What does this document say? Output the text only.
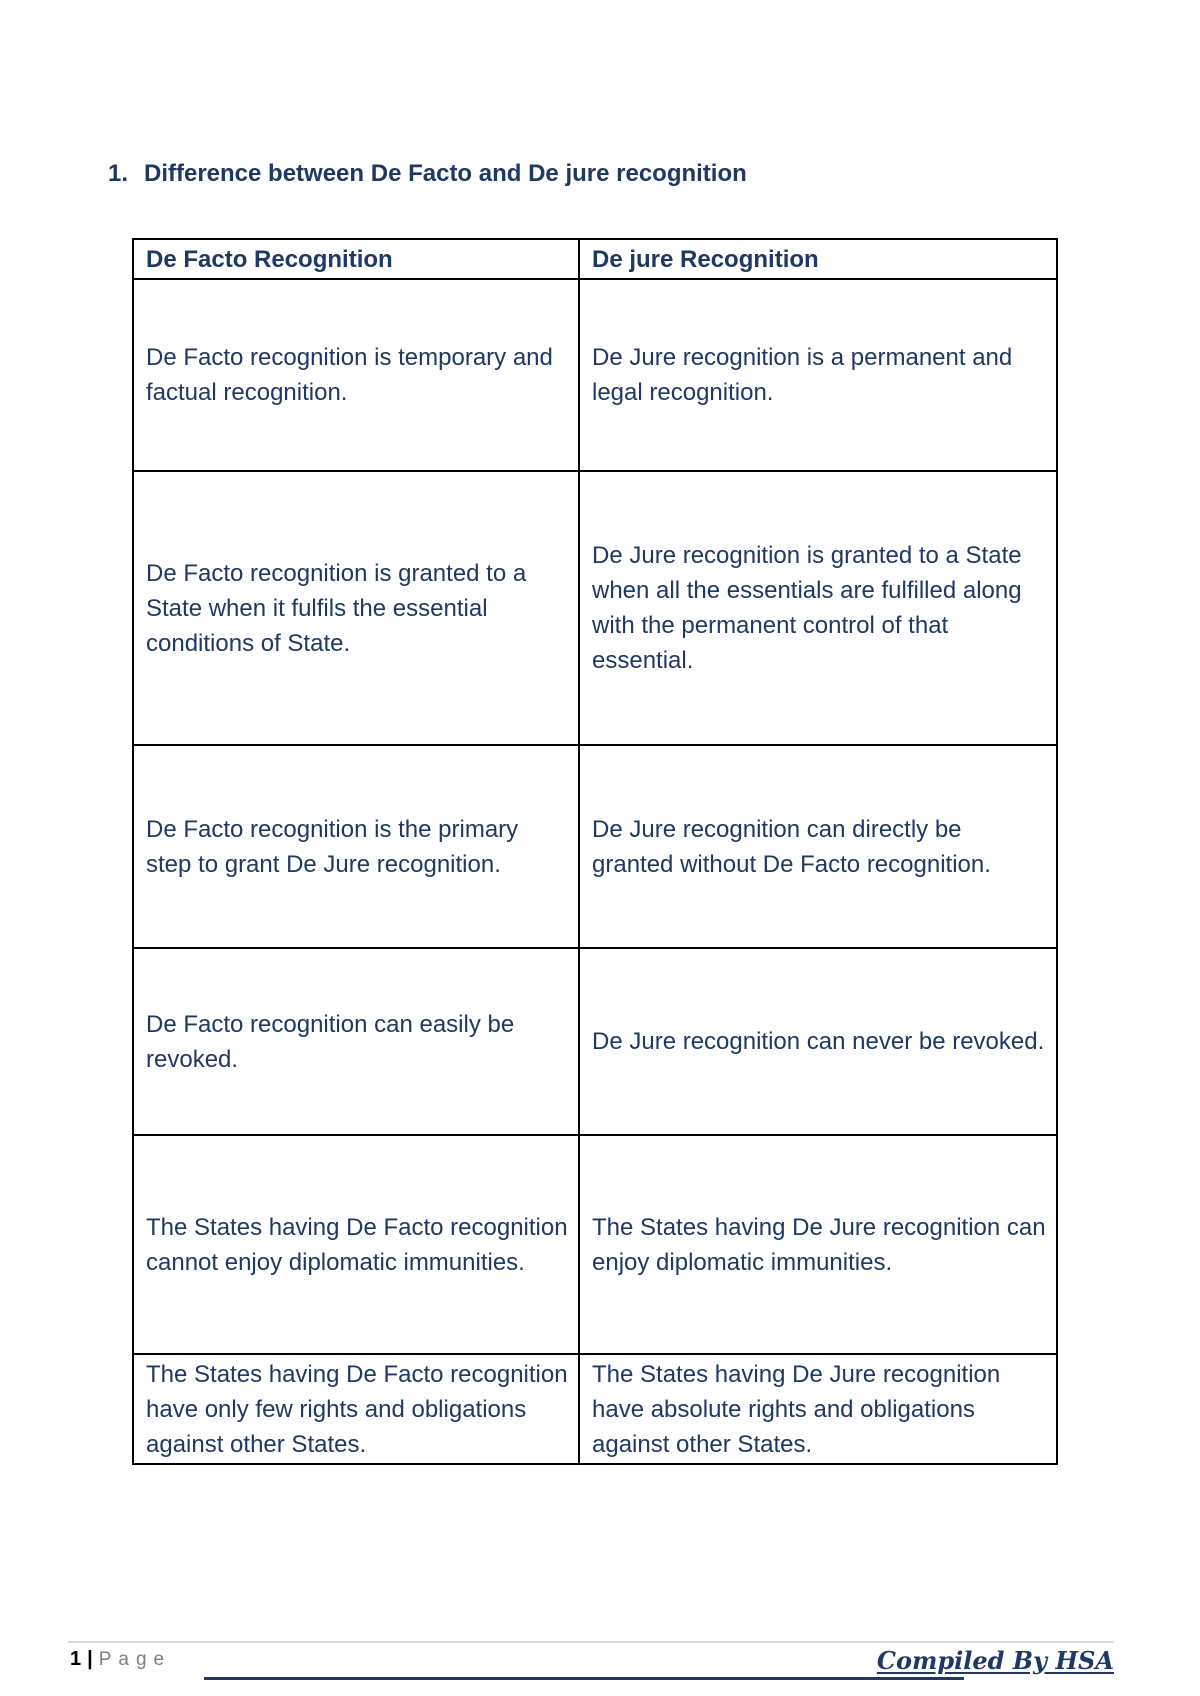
1. Difference between De Facto and De jure recognition
De Facto Recognition	De jure Recognition
De Facto recognition is temporary and factual recognition.	De Jure recognition is a permanent and legal recognition.
De Facto recognition is granted to a State when it fulfils the essential conditions of State.	De Jure recognition is granted to a State when all the essentials are fulfilled along with the permanent control of that essential.
De Facto recognition is the primary step to grant De Jure recognition.	De Jure recognition can directly be granted without De Facto recognition.
De Facto recognition can easily be revoked.	De Jure recognition can never be revoked.
The States having De Facto recognition cannot enjoy diplomatic immunities.	The States having De Jure recognition can enjoy diplomatic immunities.
The States having De Facto recognition have only few rights and obligations against other States.	The States having De Jure recognition have absolute rights and obligations against other States.
1 | Page	Compiled By HSA
